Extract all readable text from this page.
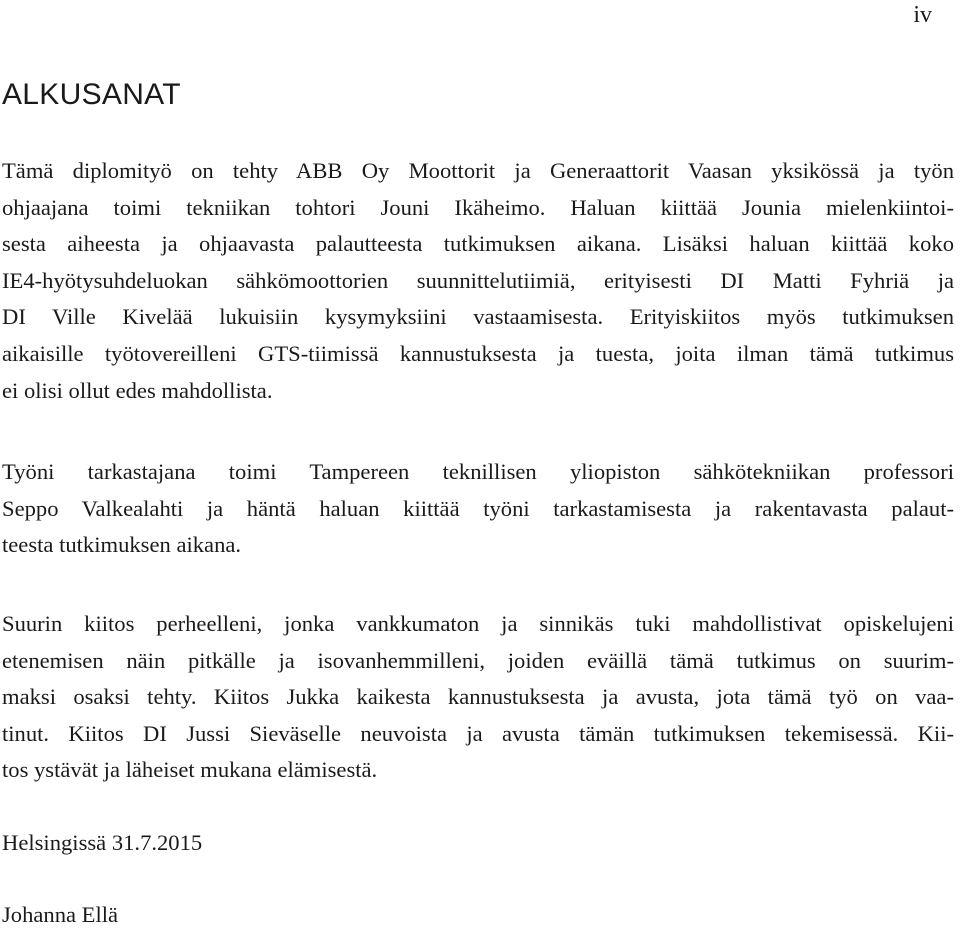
iv
ALKUSANAT

Tämä diplomityö on tehty ABB Oy Moottorit ja Generaattorit Vaasan yksikössä ja työn
ohjaajana toimi tekniikan tohtori Jouni Ikäheimo. Haluan kiittää Jounia mielenkiintoi-
sesta aiheesta ja ohjaavasta palautteesta tutkimuksen aikana. Lisäksi haluan kiittää koko
IE4-hyötysuhdeluokan sähkömoottorien suunnittelutiimiä, erityisesti DI Matti Fyhriä ja
DI Ville Kivelää lukuisiin kysymyksiini vastaamisesta. Erityiskiitos myös tutkimuksen
aikaisille työtovereilleni GTS-tiimissä kannustuksesta ja tuesta, joita ilman tämä tutkimus
ei olisi ollut edes mahdollista.

Työni tarkastajana toimi Tampereen teknillisen yliopiston sähkötekniikan professori
Seppo Valkealahti ja häntä haluan kiittää työni tarkastamisesta ja rakentavasta palaut-
teesta tutkimuksen aikana.

Suurin kiitos perheelleni, jonka vankkumaton ja sinnikäs tuki mahdollistivat opiskelujeni
etenemisen näin pitkälle ja isovanhemmilleni, joiden eväillä tämä tutkimus on suurim-
maksi osaksi tehty. Kiitos Jukka kaikesta kannustuksesta ja avusta, jota tämä työ on vaa-
tinut. Kiitos DI Jussi Sieväselle neuvoista ja avusta tämän tutkimuksen tekemisessä. Kii-
tos ystävät ja läheiset mukana elämisestä.

Helsingissä 31.7.2015

Johanna Ellä
